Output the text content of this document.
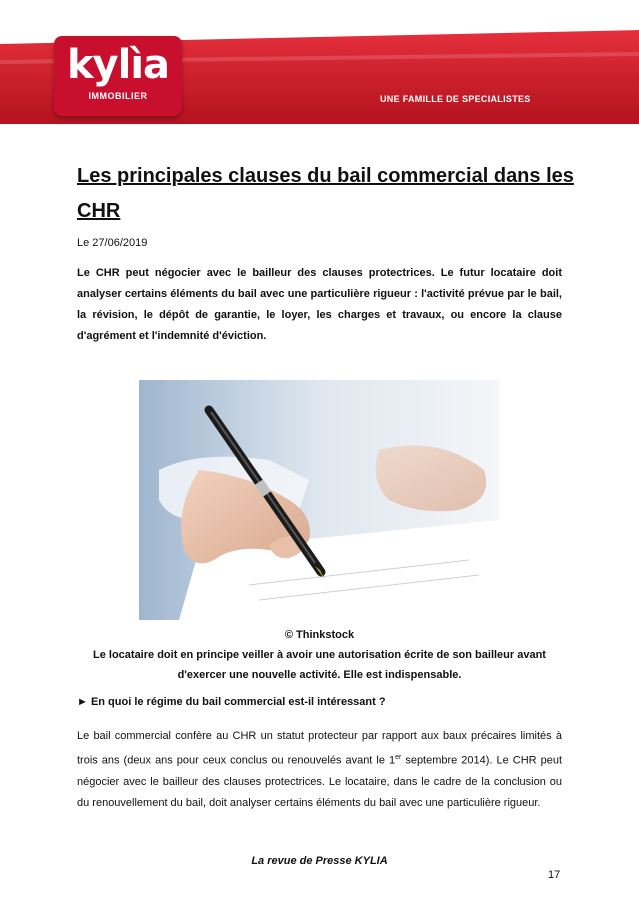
kylìa
IMMOBILIER	UNE FAMILLE DE SPECIALISTES
Les principales clauses du bail commercial dans les CHR
Le 27/06/2019

Le CHR peut négocier avec le bailleur des clauses protectrices. Le futur locataire doit analyser certains éléments du bail avec une particulière rigueur : l'activité prévue par le bail, la révision, le dépôt de garantie, le loyer, les charges et travaux, ou encore la clause d'agrément et l'indemnité d'éviction.

© Thinkstock

Le locataire doit en principe veiller à avoir une autorisation écrite de son bailleur avant d'exercer une nouvelle activité. Elle est indispensable.

► En quoi le régime du bail commercial est-il intéressant ?

Le bail commercial confère au CHR un statut protecteur par rapport aux baux précaires limités à trois ans (deux ans pour ceux conclus ou renouvelés avant le 1er septembre 2014). Le CHR peut négocier avec le bailleur des clauses protectrices. Le locataire, dans le cadre de la conclusion ou du renouvellement du bail, doit analyser certains éléments du bail avec une particulière rigueur.

La revue de Presse KYLIA
17
